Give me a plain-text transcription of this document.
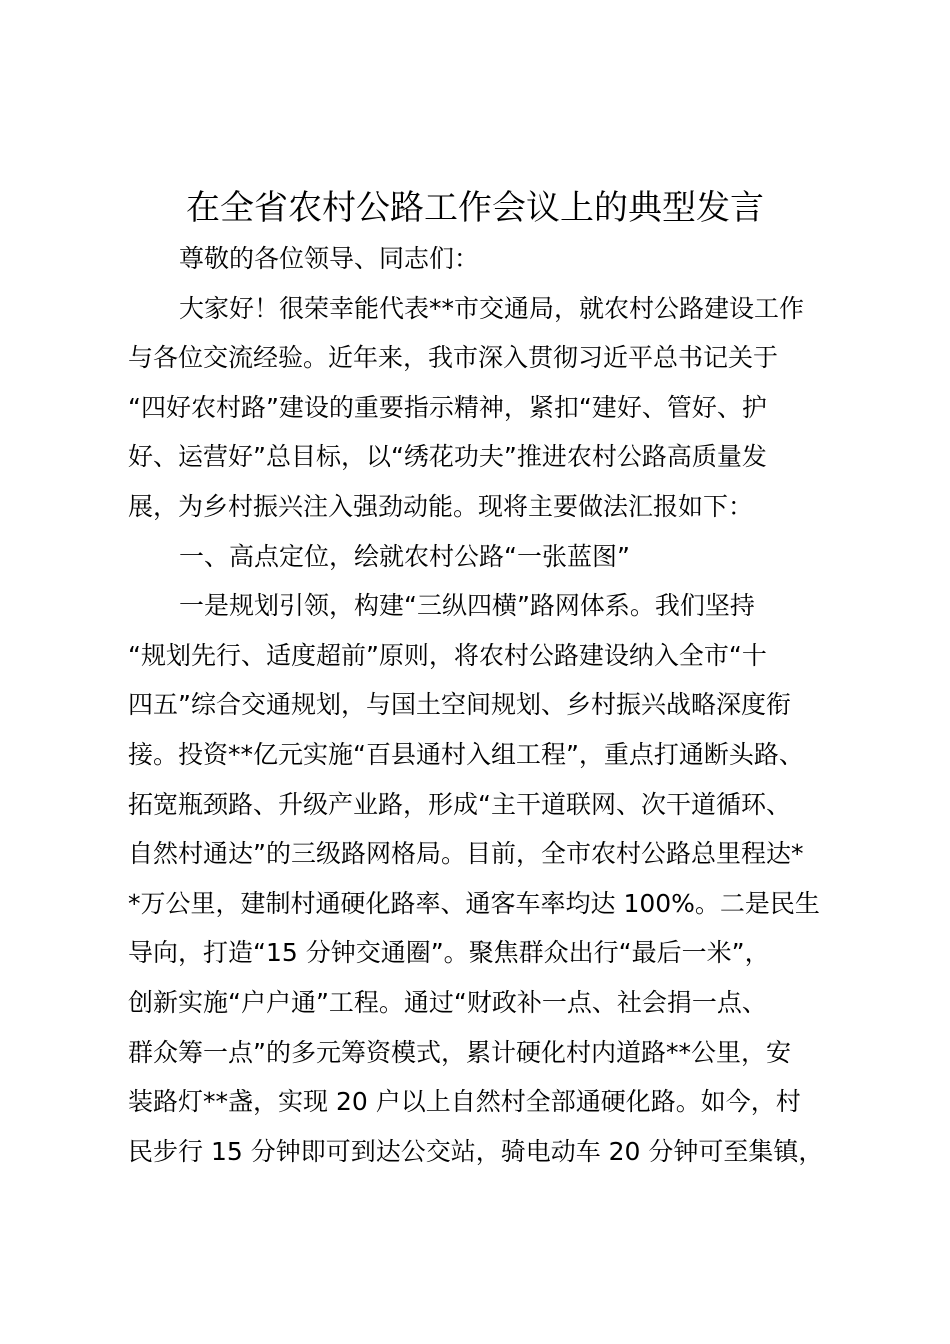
在全省农村公路工作会议上的典型发言
尊敬的各位领导、同志们：
大家好！很荣幸能代表**市交通局，就农村公路建设工作
与各位交流经验。近年来，我市深入贯彻习近平总书记关于
“四好农村路”建设的重要指示精神，紧扣“建好、管好、护
好、运营好”总目标，以“绣花功夫”推进农村公路高质量发
展，为乡村振兴注入强劲动能。现将主要做法汇报如下：
一、高点定位，绘就农村公路“一张蓝图”
一是规划引领，构建“三纵四横”路网体系。我们坚持
“规划先行、适度超前”原则，将农村公路建设纳入全市“十
四五”综合交通规划，与国土空间规划、乡村振兴战略深度衔
接。投资**亿元实施“百县通村入组工程”，重点打通断头路、
拓宽瓶颈路、升级产业路，形成“主干道联网、次干道循环、
自然村通达”的三级路网格局。目前，全市农村公路总里程达*
*万公里，建制村通硬化路率、通客车率均达 100%。二是民生
导向，打造“15 分钟交通圈”。聚焦群众出行“最后一米”，
创新实施“户户通”工程。通过“财政补一点、社会捐一点、
群众筹一点”的多元筹资模式，累计硬化村内道路**公里，安
装路灯**盏，实现 20 户以上自然村全部通硬化路。如今，村
民步行 15 分钟即可到达公交站，骑电动车 20 分钟可至集镇，
